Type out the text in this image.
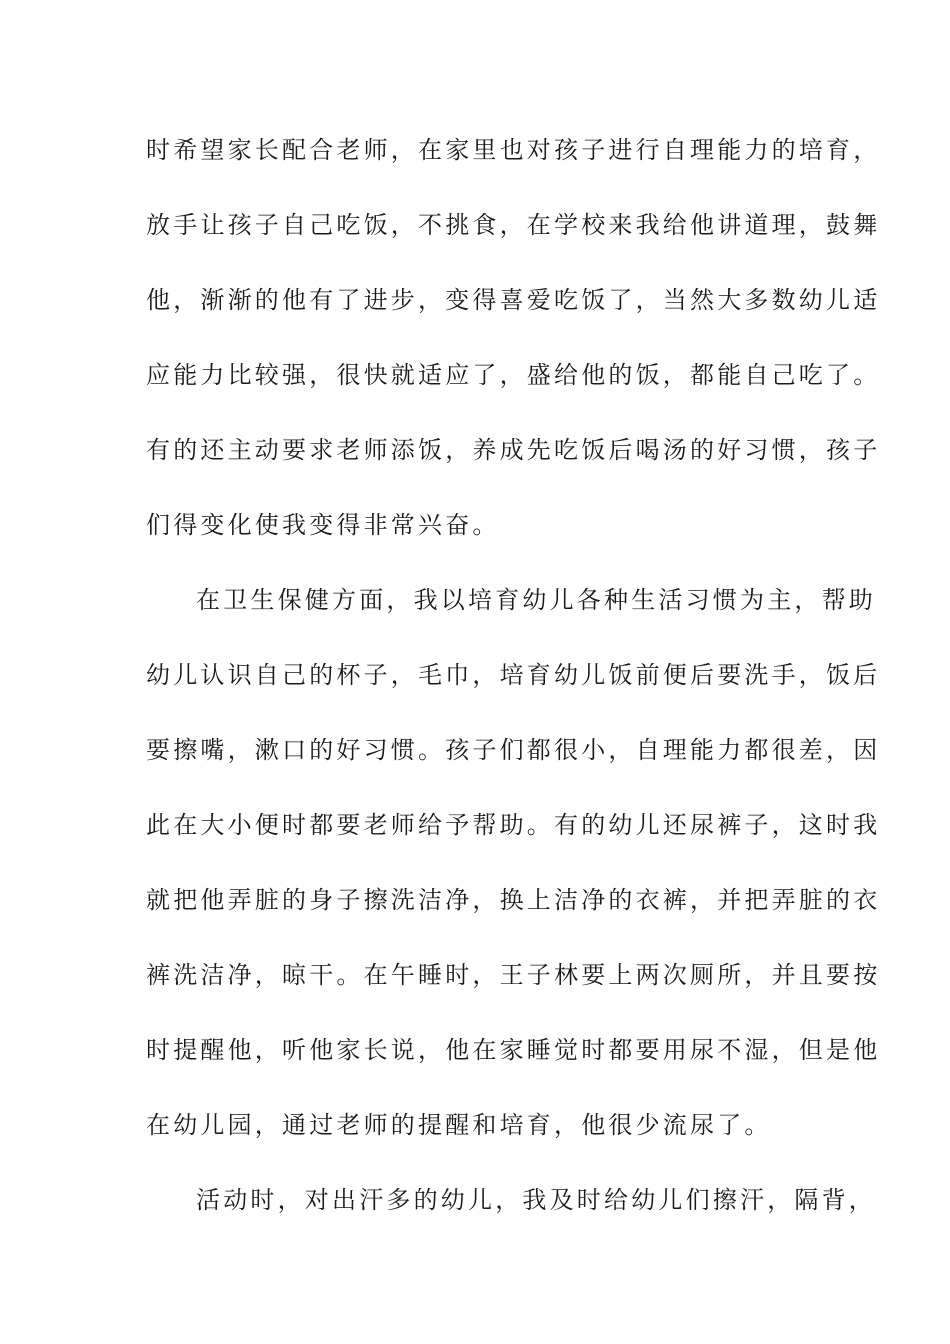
时希望家长配合老师，在家里也对孩子进行自理能力的培育，
放手让孩子自己吃饭，不挑食，在学校来我给他讲道理，鼓舞
他，渐渐的他有了进步，变得喜爱吃饭了，当然大多数幼儿适
应能力比较强，很快就适应了，盛给他的饭，都能自己吃了。
有的还主动要求老师添饭，养成先吃饭后喝汤的好习惯，孩子
们得变化使我变得非常兴奋。
在卫生保健方面，我以培育幼儿各种生活习惯为主，帮助
幼儿认识自己的杯子，毛巾，培育幼儿饭前便后要洗手，饭后
要擦嘴，漱口的好习惯。孩子们都很小，自理能力都很差，因
此在大小便时都要老师给予帮助。有的幼儿还尿裤子，这时我
就把他弄脏的身子擦洗洁净，换上洁净的衣裤，并把弄脏的衣
裤洗洁净，晾干。在午睡时，王子林要上两次厕所，并且要按
时提醒他，听他家长说，他在家睡觉时都要用尿不湿，但是他
在幼儿园，通过老师的提醒和培育，他很少流尿了。
活动时，对出汗多的幼儿，我及时给幼儿们擦汗，隔背，
